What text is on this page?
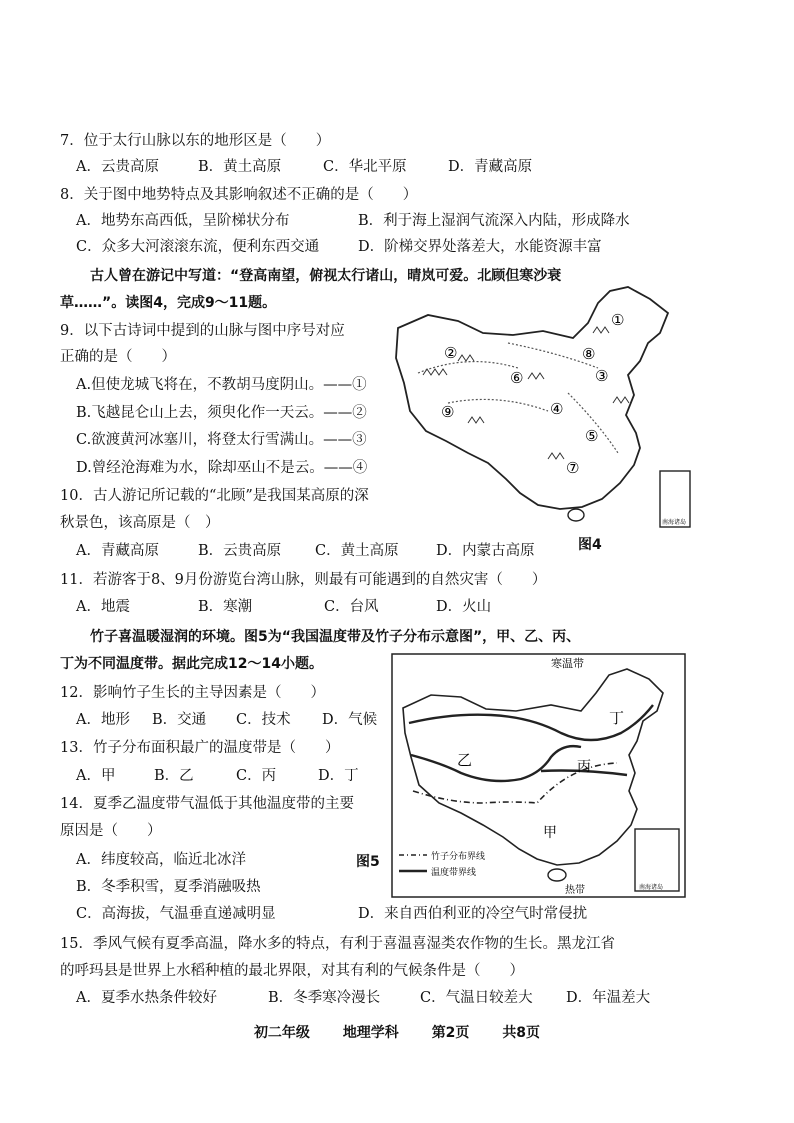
7．位于太行山脉以东的地形区是（　　）
A．云贵高原	B．黄土高原	C．华北平原	D．青藏高原
8．关于图中地势特点及其影响叙述不正确的是（　　）
A．地势东高西低，呈阶梯状分布	B．利于海上湿润气流深入内陆，形成降水
C．众多大河滚滚东流，便利东西交通	D．阶梯交界处落差大，水能资源丰富
古人曾在游记中写道：“登高南望，俯视太行诸山，晴岚可爱。北顾但寒沙衰
草……”。读图4，完成9～11题。
9．以下古诗词中提到的山脉与图中序号对应
正确的是（　　）
A.但使龙城飞将在，不教胡马度阴山。——①
B.飞越昆仑山上去，须臾化作一天云。——②
C.欲渡黄河冰塞川，将登太行雪满山。——③
D.曾经沧海难为水，除却巫山不是云。——④
10．古人游记所记载的“北顾”是我国某高原的深
秋景色，该高原是（　）
A．青藏高原	B．云贵高原 C．黄土高原	D．内蒙古高原
南海诸岛
①
②
③
④
⑤
⑥
⑦
⑧
⑨
图4
11．若游客于8、9月份游览台湾山脉，则最有可能遇到的自然灾害（　　）
A．地震	B．寒潮	C．台风	D．火山
竹子喜温暖湿润的环境。图5为“我国温度带及竹子分布示意图”，甲、乙、丙、
丁为不同温度带。据此完成12～14小题。
12．影响竹子生长的主导因素是（　　）
A．地形 B．交通 C．技术 D．气候
13．竹子分布面积最广的温度带是（　　）
A．甲	B．乙	C．丙	D．丁
14．夏季乙温度带气温低于其他温度带的主要
原因是（　　）
A．纬度较高，临近北冰洋
B．冬季积雪，夏季消融吸热
C．高海拔，气温垂直递减明显	D．来自西伯利亚的冷空气时常侵扰
图5
南海诸岛
寒温带
丁
乙	丙
甲
热带
竹子分布界线
温度带界线
15．季风气候有夏季高温，降水多的特点，有利于喜温喜湿类农作物的生长。黑龙江省
的呼玛县是世界上水稻种植的最北界限，对其有利的气候条件是（　　）
A．夏季水热条件较好	B．冬季寒冷漫长	C．气温日较差大 D．年温差大
初二年级 地理学科 第2页 共8页
